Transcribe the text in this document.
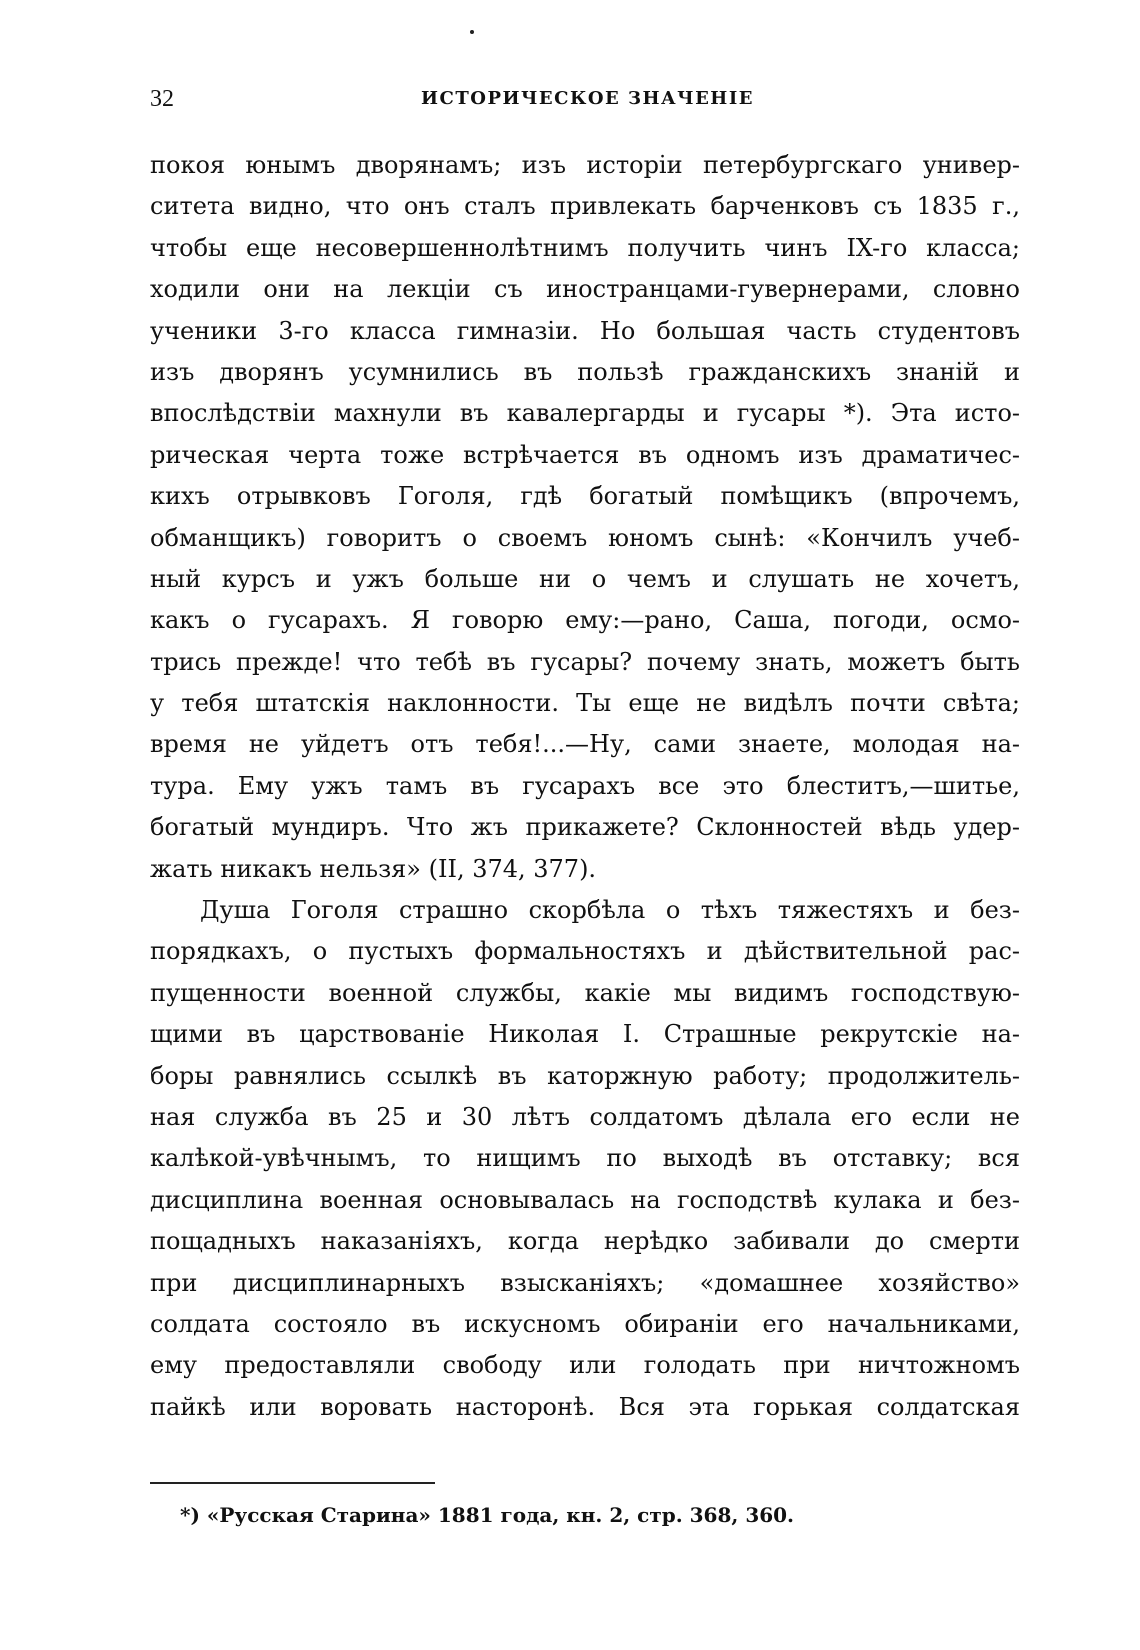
32	ИСТОРИЧЕСКОЕ ЗНАЧЕНІЕ
покоя юнымъ дворянамъ; изъ исторіи петербургскаго универ-
ситета видно, что онъ сталъ привлекать барченковъ съ 1835 г.,
чтобы еще несовершеннолѣтнимъ получить чинъ IX-го класса;
ходили они на лекціи съ иностранцами-гувернерами, словно
ученики 3-го класса гимназіи. Но большая часть студентовъ
изъ дворянъ усумнились въ пользѣ гражданскихъ знаній и
впослѣдствіи махнули въ кавалергарды и гусары *). Эта исто-
рическая черта тоже встрѣчается въ одномъ изъ драматичес-
кихъ отрывковъ Гоголя, гдѣ богатый помѣщикъ (впрочемъ,
обманщикъ) говоритъ о своемъ юномъ сынѣ: «Кончилъ учеб-
ный курсъ и ужъ больше ни о чемъ и слушать не хочетъ,
какъ о гусарахъ. Я говорю ему:—рано, Саша, погоди, осмо-
трись прежде! что тебѣ въ гусары? почему знать, можетъ быть
у тебя штатскія наклонности. Ты еще не видѣлъ почти свѣта;
время не уйдетъ отъ тебя!...—Ну, сами знаете, молодая на-
тура. Ему ужъ тамъ въ гусарахъ все это блеститъ,—шитье,
богатый мундиръ. Что жъ прикажете? Склонностей вѣдь удер-
жать никакъ нельзя» (II, 374, 377).
Душа Гоголя страшно скорбѣла о тѣхъ тяжестяхъ и без-
порядкахъ, о пустыхъ формальностяхъ и дѣйствительной рас-
пущенности военной службы, какіе мы видимъ господствую-
щими въ царствованіе Николая I. Страшные рекрутскіе на-
боры равнялись ссылкѣ въ каторжную работу; продолжитель-
ная служба въ 25 и 30 лѣтъ солдатомъ дѣлала его если не
калѣкой-увѣчнымъ, то нищимъ по выходѣ въ отставку; вся
дисциплина военная основывалась на господствѣ кулака и без-
пощадныхъ наказаніяхъ, когда нерѣдко забивали до смерти
при дисциплинарныхъ взысканіяхъ; «домашнее хозяйство»
солдата состояло въ искусномъ обираніи его начальниками,
ему предоставляли свободу или голодать при ничтожномъ
пайкѣ или воровать насторонѣ. Вся эта горькая солдатская
*) «Русская Старина» 1881 года, кн. 2, стр. 368, 360.
